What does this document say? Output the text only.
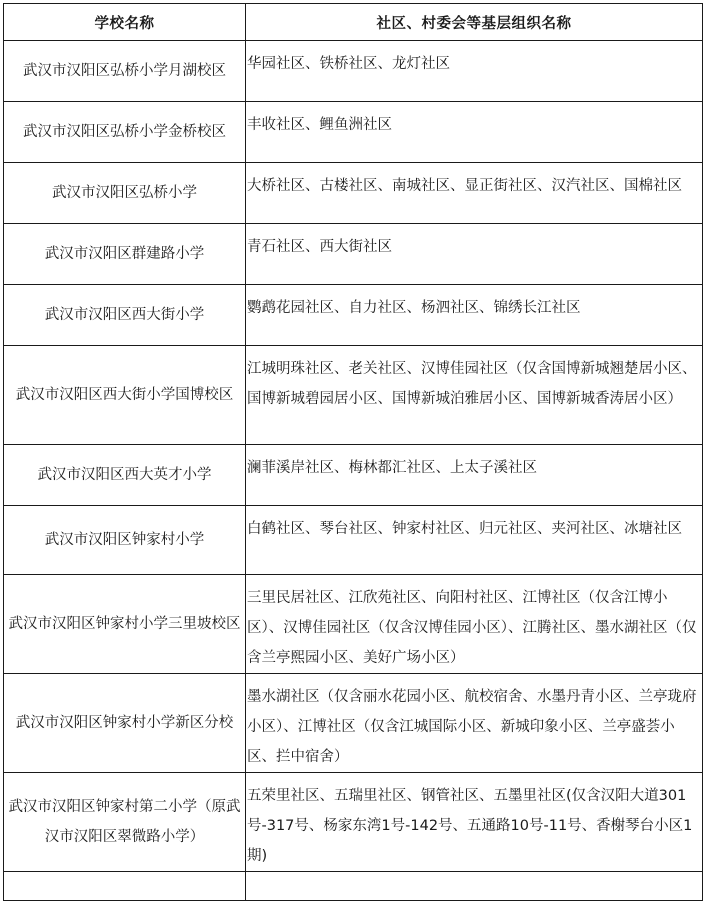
学校名称	社区、村委会等基层组织名称
武汉市汉阳区弘桥小学月湖校区	华园社区、铁桥社区、龙灯社区
武汉市汉阳区弘桥小学金桥校区	丰收社区、鲤鱼洲社区
武汉市汉阳区弘桥小学	大桥社区、古楼社区、南城社区、显正街社区、汉汽社区、国棉社区
武汉市汉阳区群建路小学	青石社区、西大街社区
武汉市汉阳区西大街小学	鹦鹉花园社区、自力社区、杨泗社区、锦绣长江社区
武汉市汉阳区西大街小学国博校区	江城明珠社区、老关社区、汉博佳园社区（仅含国博新城翘楚居小区、国博新城碧园居小区、国博新城泊雅居小区、国博新城香涛居小区）
武汉市汉阳区西大英才小学	澜菲溪岸社区、梅林都汇社区、上太子溪社区
武汉市汉阳区钟家村小学	白鹤社区、琴台社区、钟家村社区、归元社区、夹河社区、冰塘社区
武汉市汉阳区钟家村小学三里坡校区	三里民居社区、江欣苑社区、向阳村社区、江博社区（仅含江博小区）、汉博佳园社区（仅含汉博佳园小区）、江腾社区、墨水湖社区（仅含兰亭熙园小区、美好广场小区）
武汉市汉阳区钟家村小学新区分校	墨水湖社区（仅含丽水花园小区、航校宿舍、水墨丹青小区、兰亭珑府小区）、江博社区（仅含江城国际小区、新城印象小区、兰亭盛荟小区、拦中宿舍）
武汉市汉阳区钟家村第二小学（原武汉市汉阳区翠微路小学）	五荣里社区、五瑞里社区、钢管社区、五墨里社区(仅含汉阳大道301号-317号、杨家东湾1号-142号、五通路10号-11号、香榭琴台小区1期)
